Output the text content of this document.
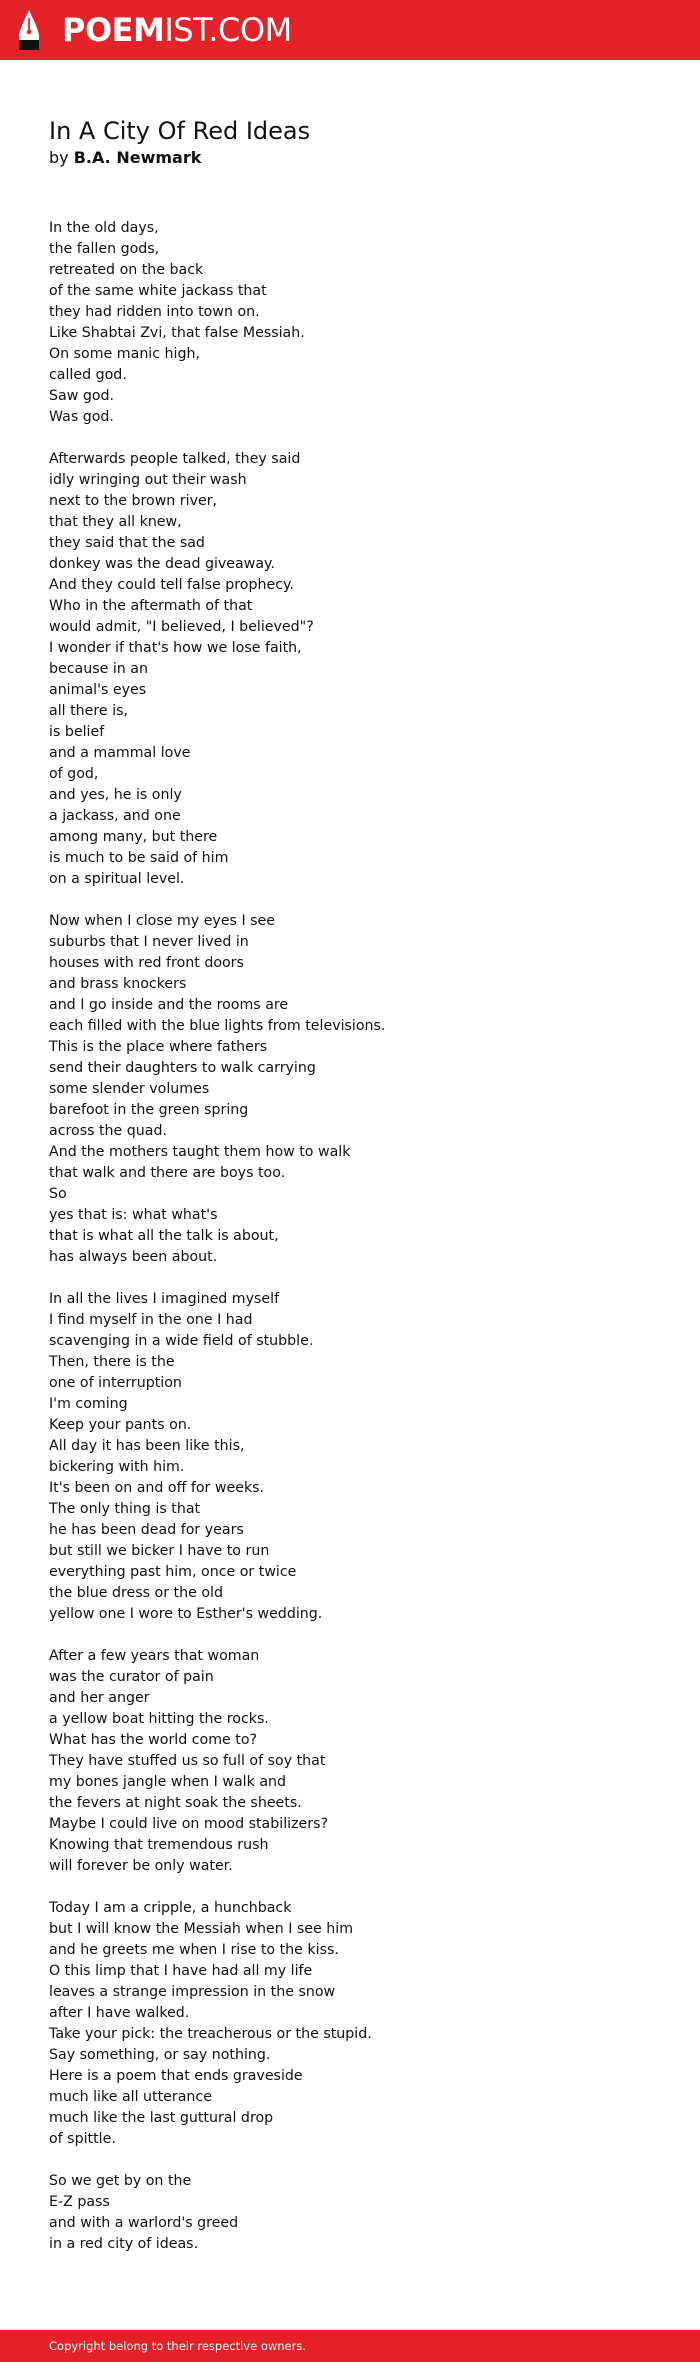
POEMIST.COM
In A City Of Red Ideas
by B.A. Newmark
In the old days,
the fallen gods,
retreated on the back
of the same white jackass that
they had ridden into town on.
Like Shabtai Zvi, that false Messiah.
On some manic high,
called god.
Saw god.
Was god.
Afterwards people talked, they said
idly wringing out their wash
next to the brown river,
that they all knew,
they said that the sad
donkey was the dead giveaway.
And they could tell false prophecy.
Who in the aftermath of that
would admit, "I believed, I believed"?
I wonder if that's how we lose faith,
because in an
animal's eyes
all there is,
is belief
and a mammal love
of god,
and yes, he is only
a jackass, and one
among many, but there
is much to be said of him
on a spiritual level.
Now when I close my eyes I see
suburbs that I never lived in
houses with red front doors
and brass knockers
and I go inside and the rooms are
each filled with the blue lights from televisions.
This is the place where fathers
send their daughters to walk carrying
some slender volumes
barefoot in the green spring
across the quad.
And the mothers taught them how to walk
that walk and there are boys too.
So
yes that is: what what's
that is what all the talk is about,
has always been about.
In all the lives I imagined myself
I find myself in the one I had
scavenging in a wide field of stubble.
Then, there is the
one of interruption
I'm coming
Keep your pants on.
All day it has been like this,
bickering with him.
It's been on and off for weeks.
The only thing is that
he has been dead for years
but still we bicker I have to run
everything past him, once or twice
the blue dress or the old
yellow one I wore to Esther's wedding.
After a few years that woman
was the curator of pain
and her anger
a yellow boat hitting the rocks.
What has the world come to?
They have stuffed us so full of soy that
my bones jangle when I walk and
the fevers at night soak the sheets.
Maybe I could live on mood stabilizers?
Knowing that tremendous rush
will forever be only water.
Today I am a cripple, a hunchback
but I will know the Messiah when I see him
and he greets me when I rise to the kiss.
O this limp that I have had all my life
leaves a strange impression in the snow
after I have walked.
Take your pick: the treacherous or the stupid.
Say something, or say nothing.
Here is a poem that ends graveside
much like all utterance
much like the last guttural drop
of spittle.
So we get by on the
E-Z pass
and with a warlord's greed
in a red city of ideas.
Copyright belong to their respective owners.
